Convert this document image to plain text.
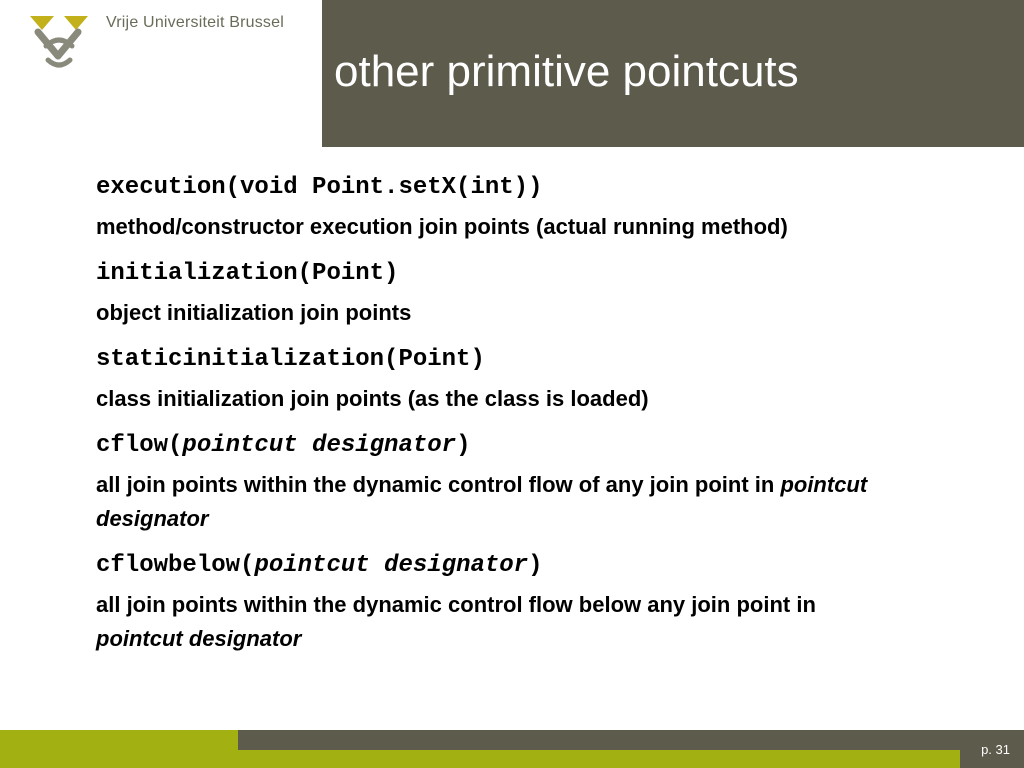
Vrije Universiteit Brussel
other primitive pointcuts
execution(void Point.setX(int))
method/constructor execution join points (actual running method)
initialization(Point)
object initialization join points
staticinitialization(Point)
class initialization join points (as the class is loaded)
cflow(pointcut designator)
all join points within the dynamic control flow of any join point in pointcut designator
cflowbelow(pointcut designator)
all join points within the dynamic control flow below any join point in pointcut designator
p. 31
